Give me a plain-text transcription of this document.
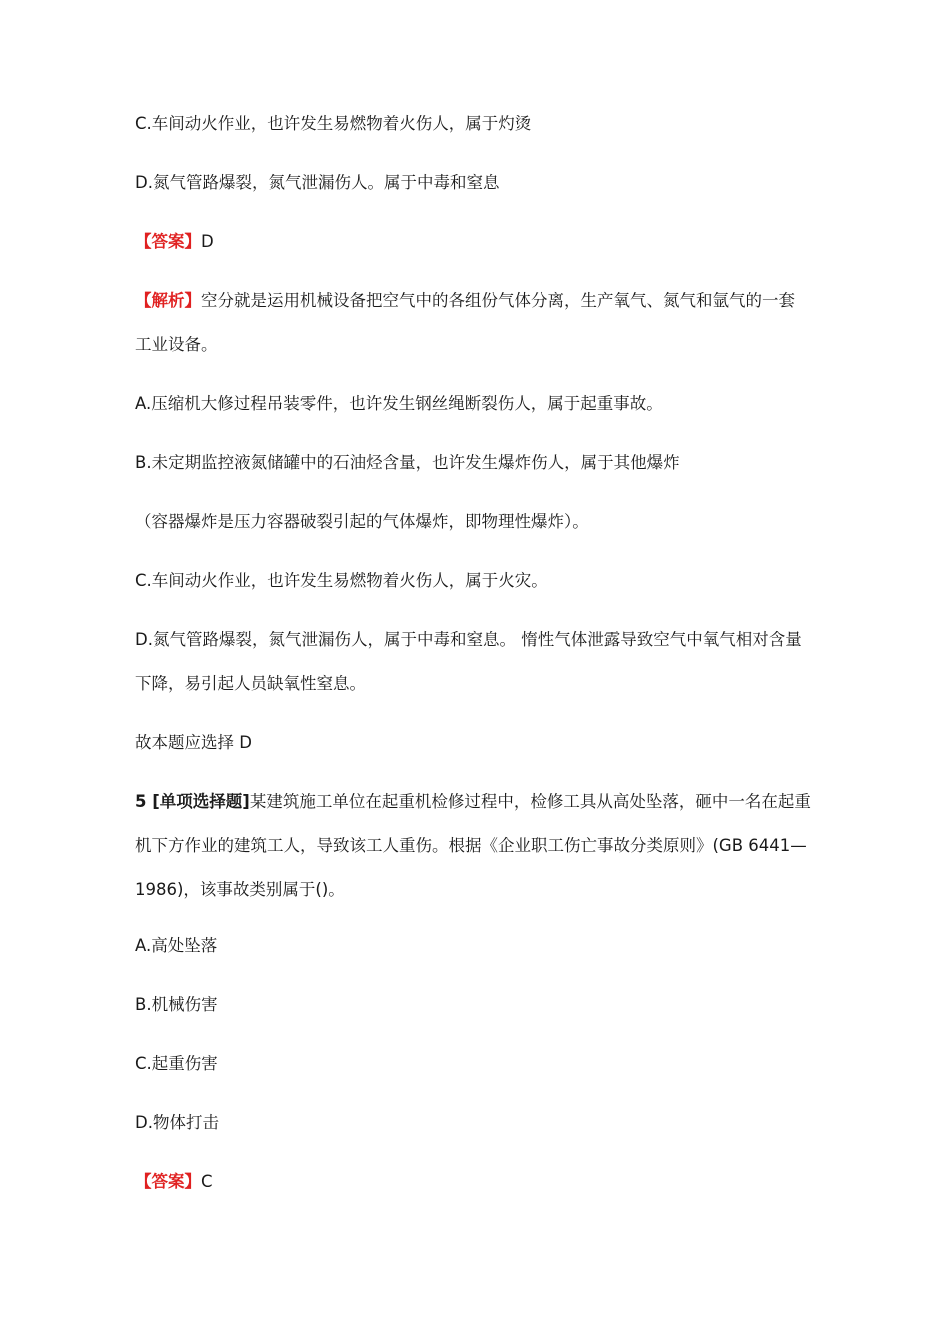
C.车间动火作业，也许发生易燃物着火伤人，属于灼烫
D.氮气管路爆裂，氮气泄漏伤人。属于中毒和窒息
【答案】D
【解析】空分就是运用机械设备把空气中的各组份气体分离，生产氧气、氮气和氩气的一套
工业设备。
A.压缩机大修过程吊装零件，也许发生钢丝绳断裂伤人，属于起重事故。
B.未定期监控液氮储罐中的石油烃含量，也许发生爆炸伤人，属于其他爆炸
（容器爆炸是压力容器破裂引起的气体爆炸，即物理性爆炸）。
C.车间动火作业，也许发生易燃物着火伤人，属于火灾。
D.氮气管路爆裂，氮气泄漏伤人，属于中毒和窒息。 惰性气体泄露导致空气中氧气相对含量
下降，易引起人员缺氧性窒息。
故本题应选择 D
5 [单项选择题]某建筑施工单位在起重机检修过程中，检修工具从高处坠落，砸中一名在起重
机下方作业的建筑工人，导致该工人重伤。根据《企业职工伤亡事故分类原则》(GB 6441—
1986)，该事故类别属于()。
A.高处坠落
B.机械伤害
C.起重伤害
D.物体打击
【答案】C
